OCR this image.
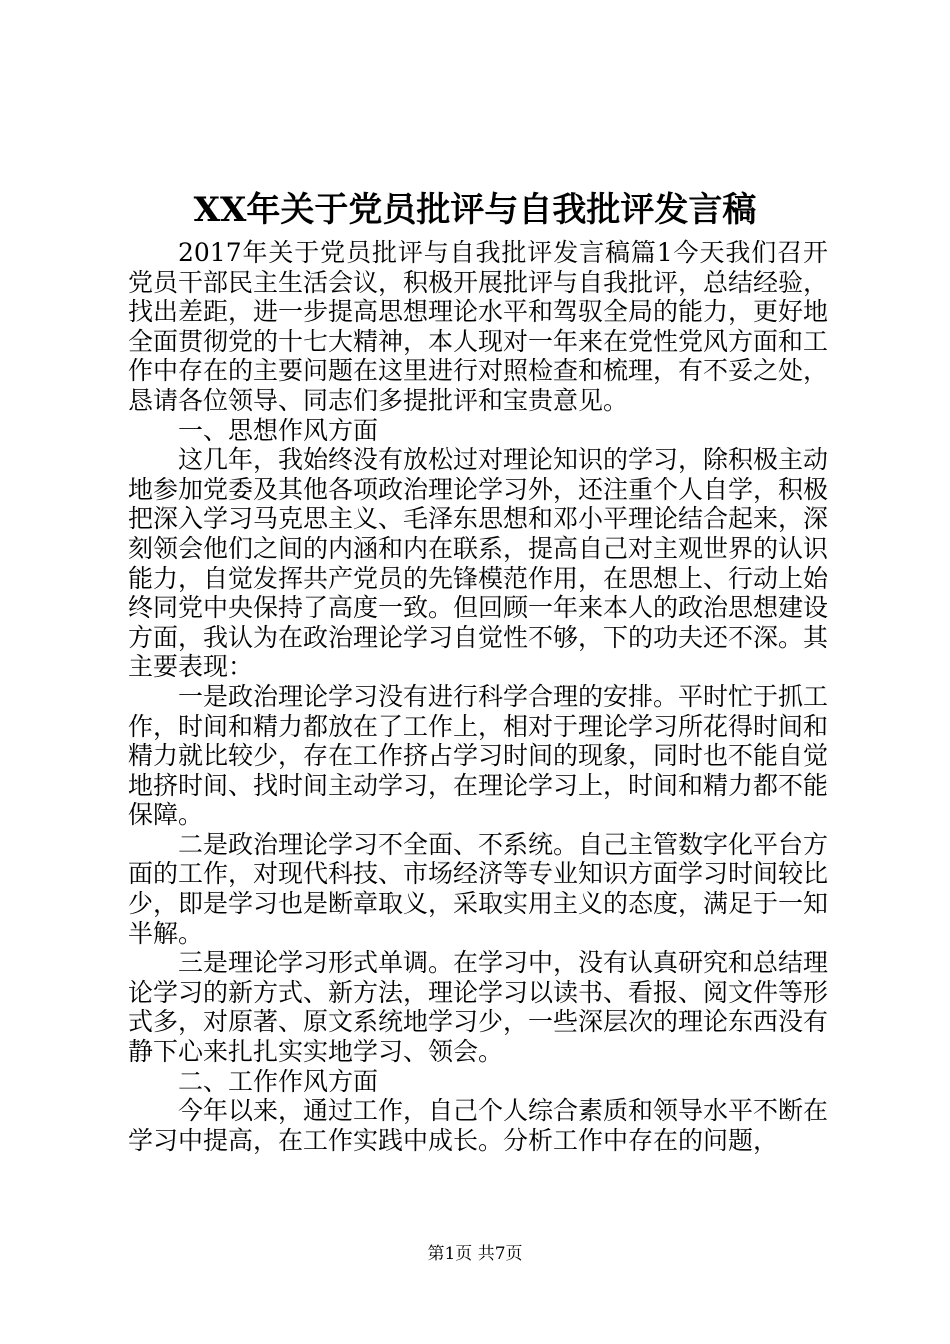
XX年关于党员批评与自我批评发言稿

2017年关于党员批评与自我批评发言稿篇1今天我们召开党员干部民主生活会议，积极开展批评与自我批评，总结经验，找出差距，进一步提高思想理论水平和驾驭全局的能力，更好地全面贯彻党的十七大精神，本人现对一年来在党性党风方面和工作中存在的主要问题在这里进行对照检查和梳理，有不妥之处，恳请各位领导、同志们多提批评和宝贵意见。

一、思想作风方面

这几年，我始终没有放松过对理论知识的学习，除积极主动地参加党委及其他各项政治理论学习外，还注重个人自学，积极把深入学习马克思主义、毛泽东思想和邓小平理论结合起来，深刻领会他们之间的内涵和内在联系，提高自己对主观世界的认识能力，自觉发挥共产党员的先锋模范作用，在思想上、行动上始终同党中央保持了高度一致。但回顾一年来本人的政治思想建设方面，我认为在政治理论学习自觉性不够，下的功夫还不深。其主要表现：

一是政治理论学习没有进行科学合理的安排。平时忙于抓工作，时间和精力都放在了工作上，相对于理论学习所花得时间和精力就比较少，存在工作挤占学习时间的现象，同时也不能自觉地挤时间、找时间主动学习，在理论学习上，时间和精力都不能保障。

二是政治理论学习不全面、不系统。自己主管数字化平台方面的工作，对现代科技、市场经济等专业知识方面学习时间较比少，即是学习也是断章取义，采取实用主义的态度，满足于一知半解。

三是理论学习形式单调。在学习中，没有认真研究和总结理论学习的新方式、新方法，理论学习以读书、看报、阅文件等形式多，对原著、原文系统地学习少，一些深层次的理论东西没有静下心来扎扎实实地学习、领会。

二、工作作风方面

今年以来，通过工作，自己个人综合素质和领导水平不断在学习中提高，在工作实践中成长。分析工作中存在的问题，

第1页 共7页
